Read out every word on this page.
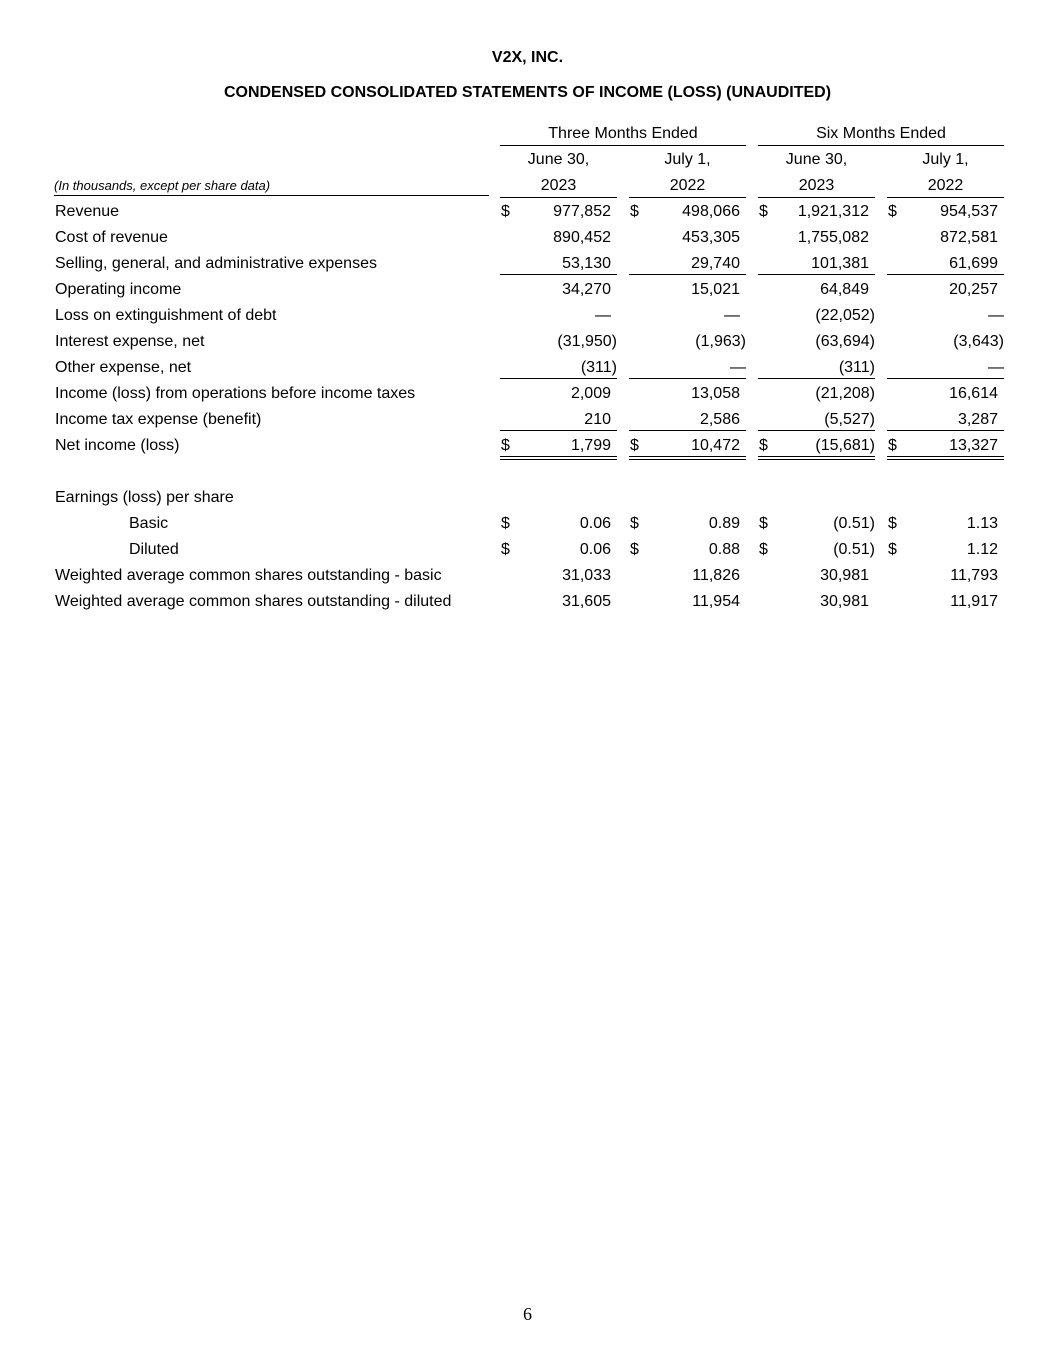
V2X, INC.
CONDENSED CONSOLIDATED STATEMENTS OF INCOME (LOSS) (UNAUDITED)
Three Months Ended	Six Months Ended
June 30,	July 1,	June 30,	July 1,
2023	2022	2023	2022
(In thousands, except per share data)
Revenue	$	977,852 $	498,066 $ 1,921,312 $	954,537
Cost of revenue	890,452	453,305	1,755,082	872,581
Selling, general, and administrative expenses	53,130	29,740	101,381	61,699
Operating income	34,270	15,021	64,849	20,257
Loss on extinguishment of debt	—	—	(22,052)	—
Interest expense, net	(31,950)	(1,963)	(63,694)	(3,643)
Other expense, net	(311)	—	(311)	—
Income (loss) from operations before income taxes	2,009	13,058	(21,208)	16,614
Income tax expense (benefit)	210	2,586	(5,527)	3,287
Net income (loss)	$	1,799 $	10,472 $	(15,681) $	13,327
Earnings (loss) per share
Basic	$	0.06 $	0.89 $	(0.51) $	1.13
Diluted	$	0.06 $	0.88 $	(0.51) $	1.12
Weighted average common shares outstanding - basic	31,033	11,826	30,981	11,793
Weighted average common shares outstanding - diluted	31,605	11,954	30,981	11,917
6
